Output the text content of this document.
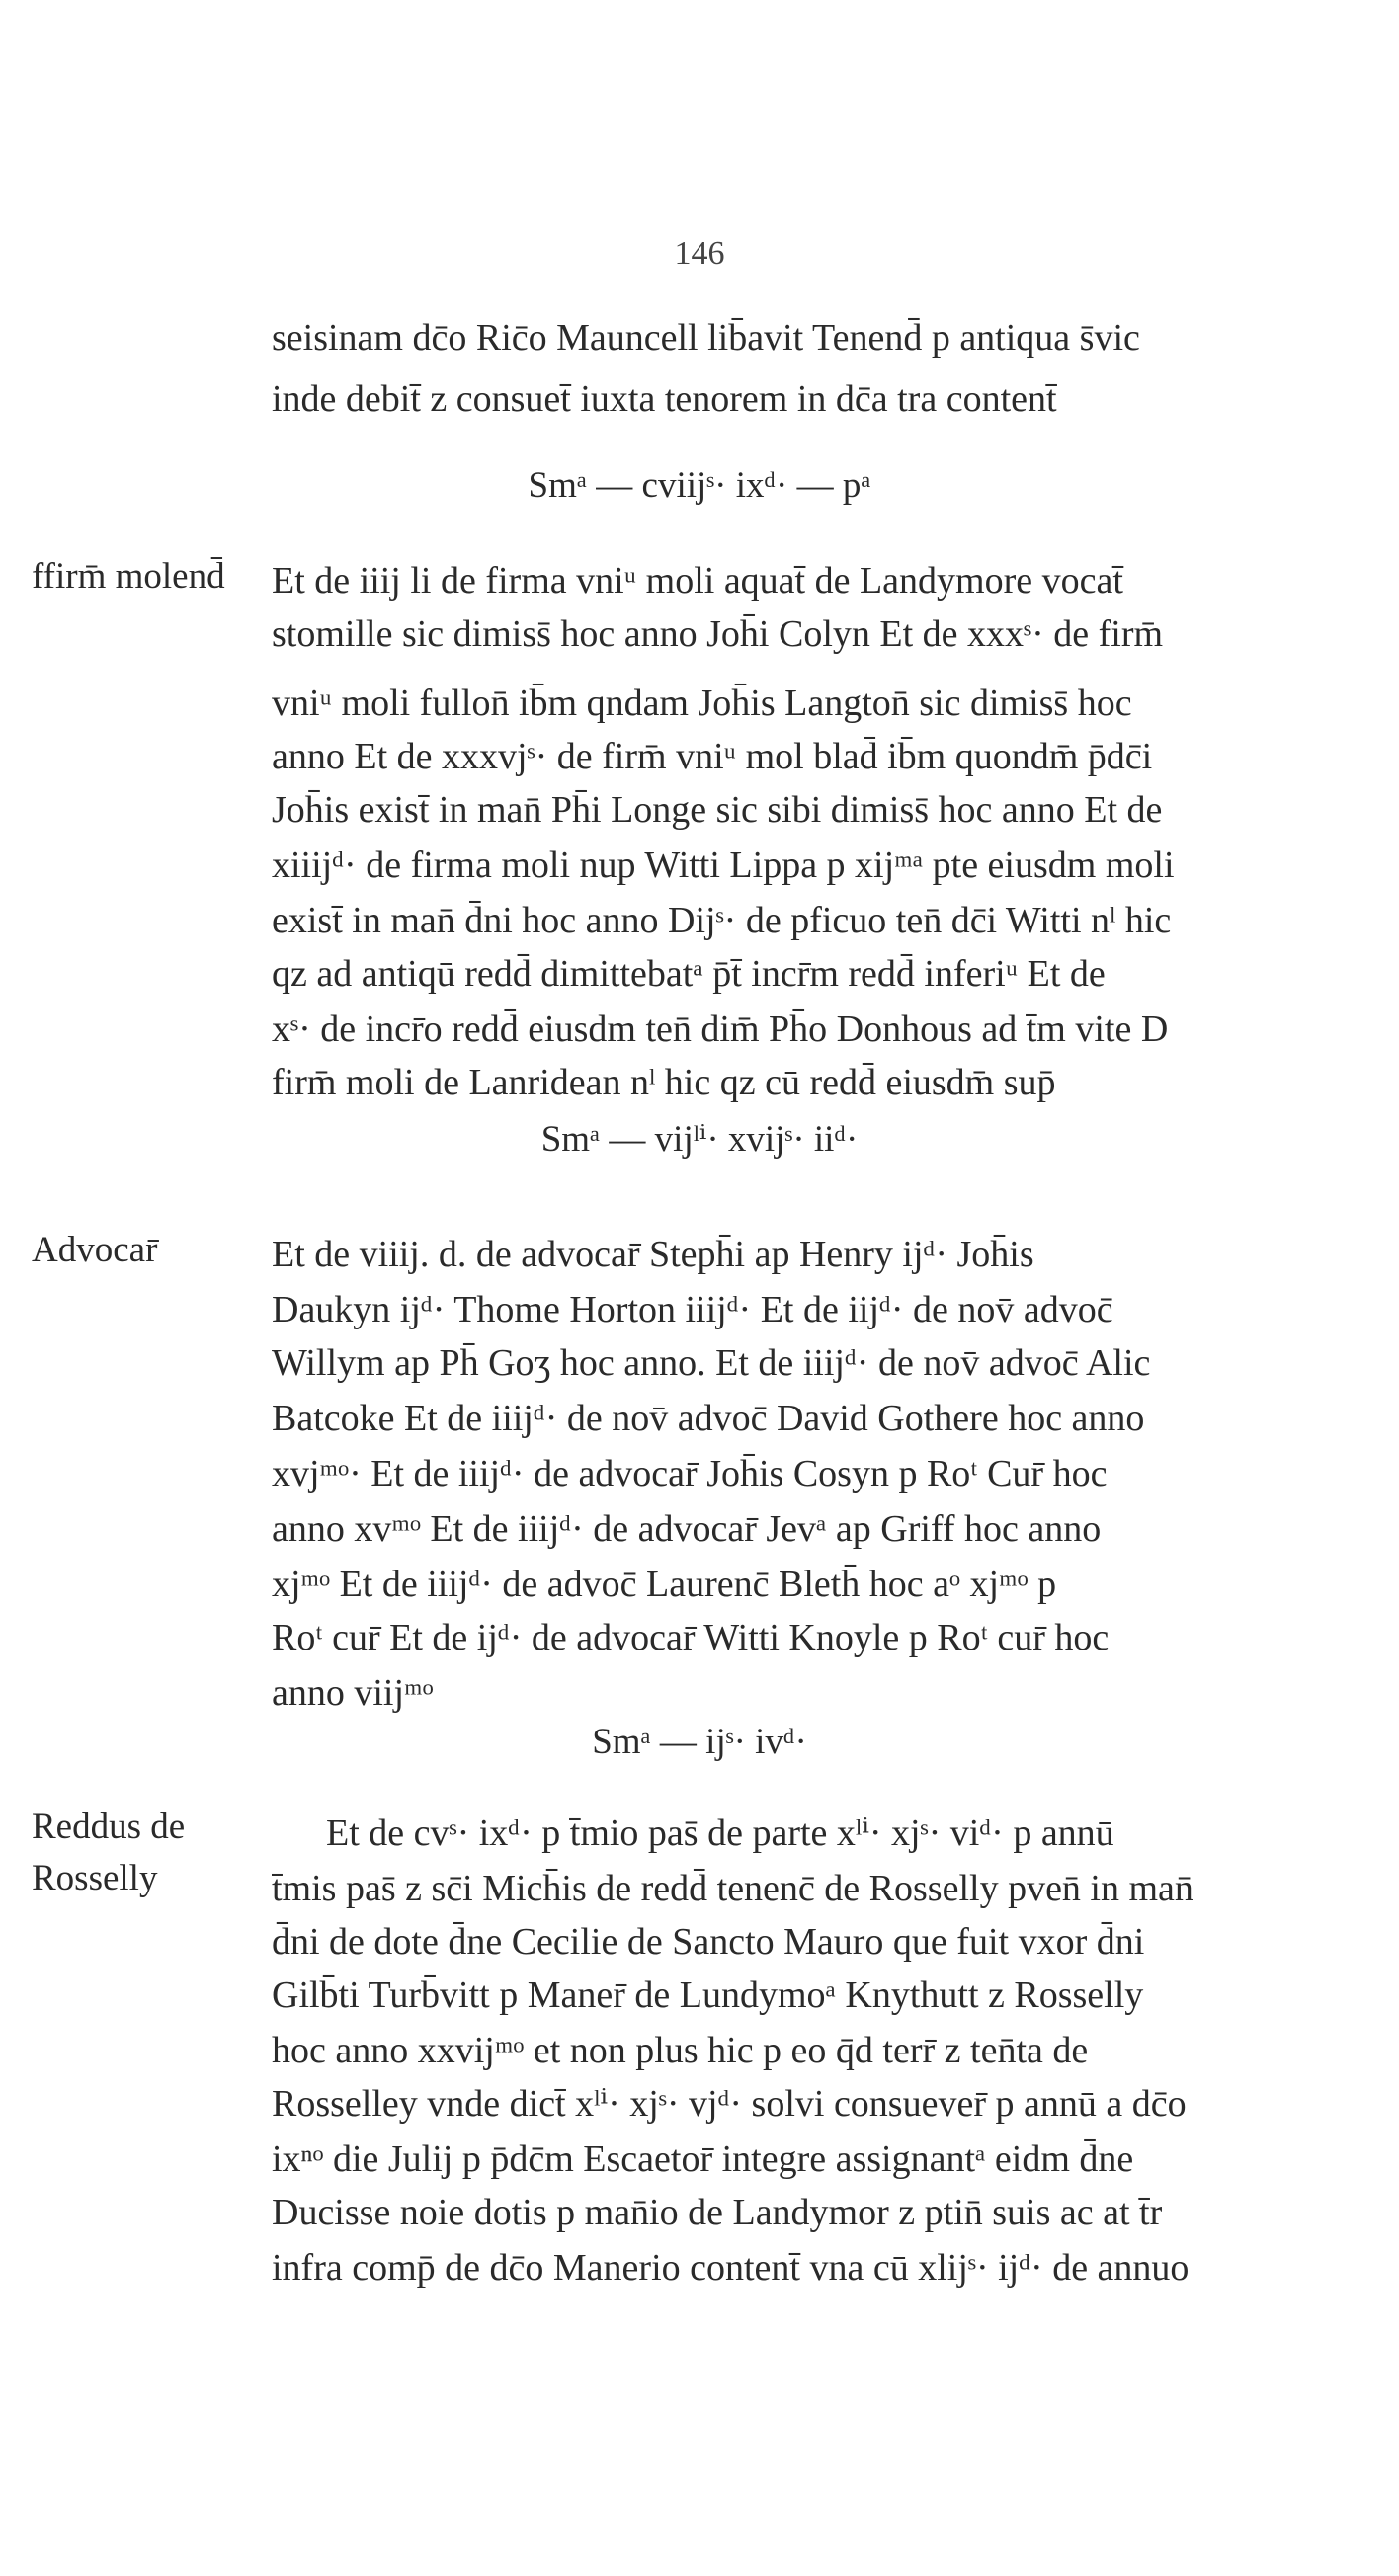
146
seisinam dc̄o Ric̄o Mauncell lib̄avit Tenend̄ p antiqua s̄vic
inde debit̄ z consuet̄ iuxta tenorem in dc̄a tra content̄
Smᵃ — cviijˢ· ixᵈ· — pᵃ
ffirm̄ molend̄	Et de iiij li de firma vniᵘ moli aquat̄ de Landymore vocat̄
stomille sic dimiss̄ hoc anno Joh̄i Colyn Et de xxxˢ· de firm̄
vniᵘ moli fullon̄ ib̄m qndam Joh̄is Langton̄ sic dimiss̄ hoc
anno Et de xxxvjˢ· de firm̄ vniᵘ mol blad̄ ib̄m quondm̄ p̄dc̄i
Joh̄is exist̄ in man̄ Ph̄i Longe sic sibi dimiss̄ hoc anno Et de
xiiijᵈ· de firma moli nup Witti Lippa p xijᵐᵃ pte eiusdm moli
exist̄ in man̄ d̄ni hoc anno Dijˢ· de pficuo ten̄ dc̄i Witti nˡ hic
qz ad antiqū redd̄ dimittebatᵃ p̄t̄ incr̄m redd̄ inferiᵘ Et de
xˢ· de incr̄o redd̄ eiusdm ten̄ dim̄ Ph̄o Donhous ad t̄m vite D
firm̄ moli de Lanridean nˡ hic qz cū redd̄ eiusdm̄ sup̄
Smᵃ — vijˡⁱ· xvijˢ· iiᵈ·
Advocar̄	Et de viiij. d. de advocar̄ Steph̄i ap Henry ijᵈ· Joh̄is
Daukyn ijᵈ· Thome Horton iiijᵈ· Et de iijᵈ· de nov̄ advoc̄
Willym ap Ph̄ Goʒ hoc anno. Et de iiijᵈ· de nov̄ advoc̄ Alic
Batcoke Et de iiijᵈ· de nov̄ advoc̄ David Gothere hoc anno
xvjᵐᵒ· Et de iiijᵈ· de advocar̄ Joh̄is Cosyn p Roᵗ Cur̄ hoc
anno xvᵐᵒ Et de iiijᵈ· de advocar̄ Jevᵃ ap Griff hoc anno
xjᵐᵒ Et de iiijᵈ· de advoc̄ Laurenc̄ Bleth̄ hoc aᵒ xjᵐᵒ p
Roᵗ cur̄ Et de ijᵈ· de advocar̄ Witti Knoyle p Roᵗ cur̄ hoc
anno viijᵐᵒ
Smᵃ — ijˢ· ivᵈ·
Reddus de Rosselly
Et de cvˢ· ixᵈ· p t̄mio pas̄ de parte xˡⁱ· xjˢ· viᵈ· p annū
t̄mis pas̄ z sc̄i Mich̄is de redd̄ tenenc̄ de Rosselly pven̄ in man̄
d̄ni de dote d̄ne Cecilie de Sancto Mauro que fuit vxor d̄ni
Gilb̄ti Turb̄vitt p Maner̄ de Lundymoᵃ Knythutt z Rosselly
hoc anno xxvijᵐᵒ et non plus hic p eo q̄d terr̄ z ten̄ta de
Rosselley vnde dict̄ xˡⁱ· xjˢ· vjᵈ· solvi consuever̄ p annū a dc̄o
ixⁿᵒ die Julij p p̄dc̄m Escaetor̄ integre assignantᵃ eidm d̄ne
Ducisse noie dotis p man̄io de Landymor z ptin̄ suis ac at t̄r
infra comp̄ de dc̄o Manerio content̄ vna cū xlijˢ· ijᵈ· de annuo
